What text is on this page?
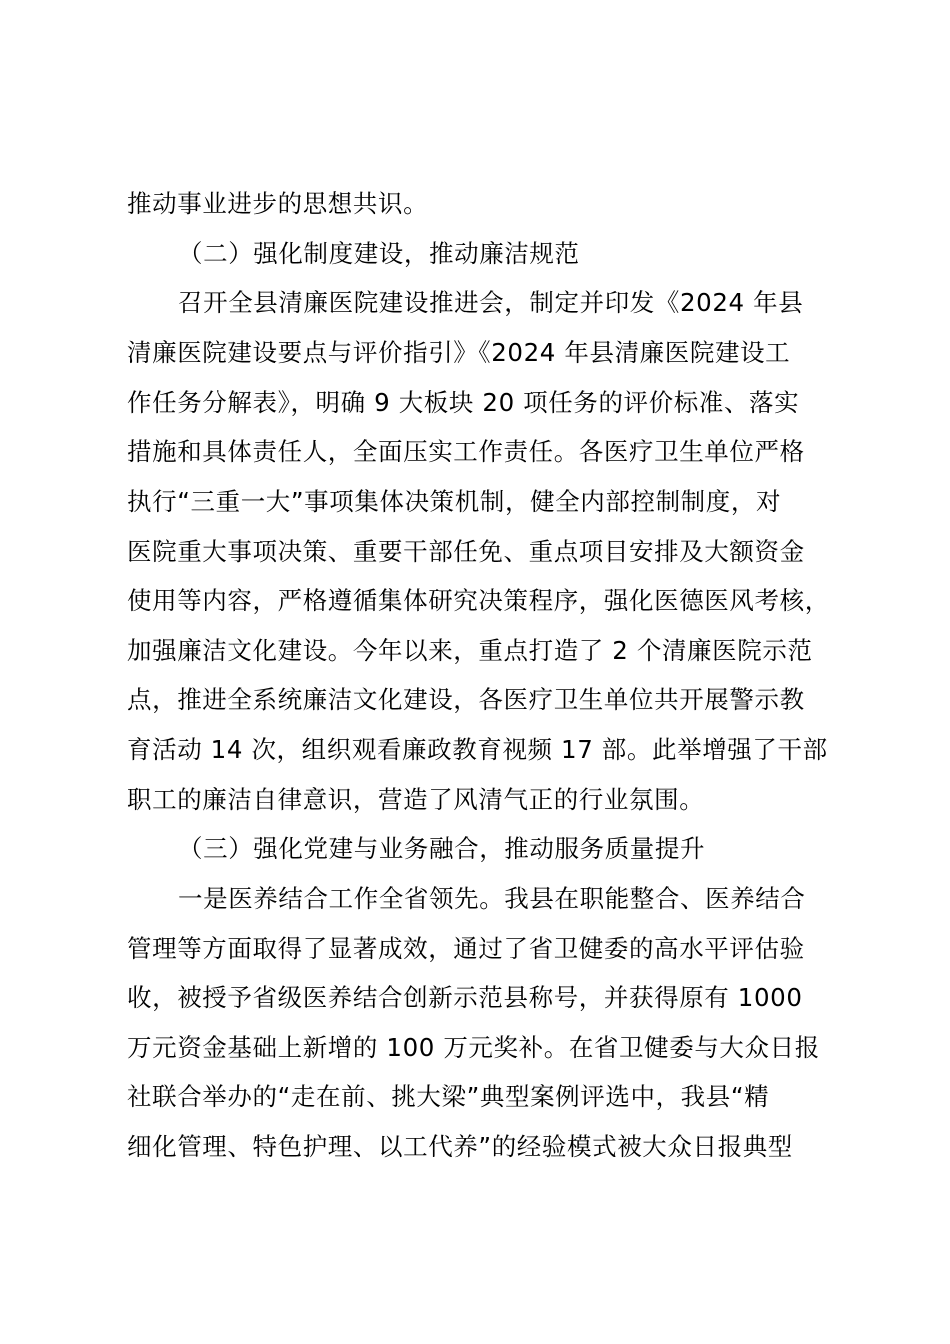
推动事业进步的思想共识。
（二）强化制度建设，推动廉洁规范
召开全县清廉医院建设推进会，制定并印发《2024 年县
清廉医院建设要点与评价指引》《2024 年县清廉医院建设工
作任务分解表》，明确 9 大板块 20 项任务的评价标准、落实
措施和具体责任人，全面压实工作责任。各医疗卫生单位严格
执行“三重一大”事项集体决策机制，健全内部控制制度，对
医院重大事项决策、重要干部任免、重点项目安排及大额资金
使用等内容，严格遵循集体研究决策程序，强化医德医风考核，
加强廉洁文化建设。今年以来，重点打造了 2 个清廉医院示范
点，推进全系统廉洁文化建设，各医疗卫生单位共开展警示教
育活动 14 次，组织观看廉政教育视频 17 部。此举增强了干部
职工的廉洁自律意识，营造了风清气正的行业氛围。
（三）强化党建与业务融合，推动服务质量提升
一是医养结合工作全省领先。我县在职能整合、医养结合
管理等方面取得了显著成效，通过了省卫健委的高水平评估验
收，被授予省级医养结合创新示范县称号，并获得原有 1000
万元资金基础上新增的 100 万元奖补。在省卫健委与大众日报
社联合举办的“走在前、挑大梁”典型案例评选中，我县“精
细化管理、特色护理、以工代养”的经验模式被大众日报典型
